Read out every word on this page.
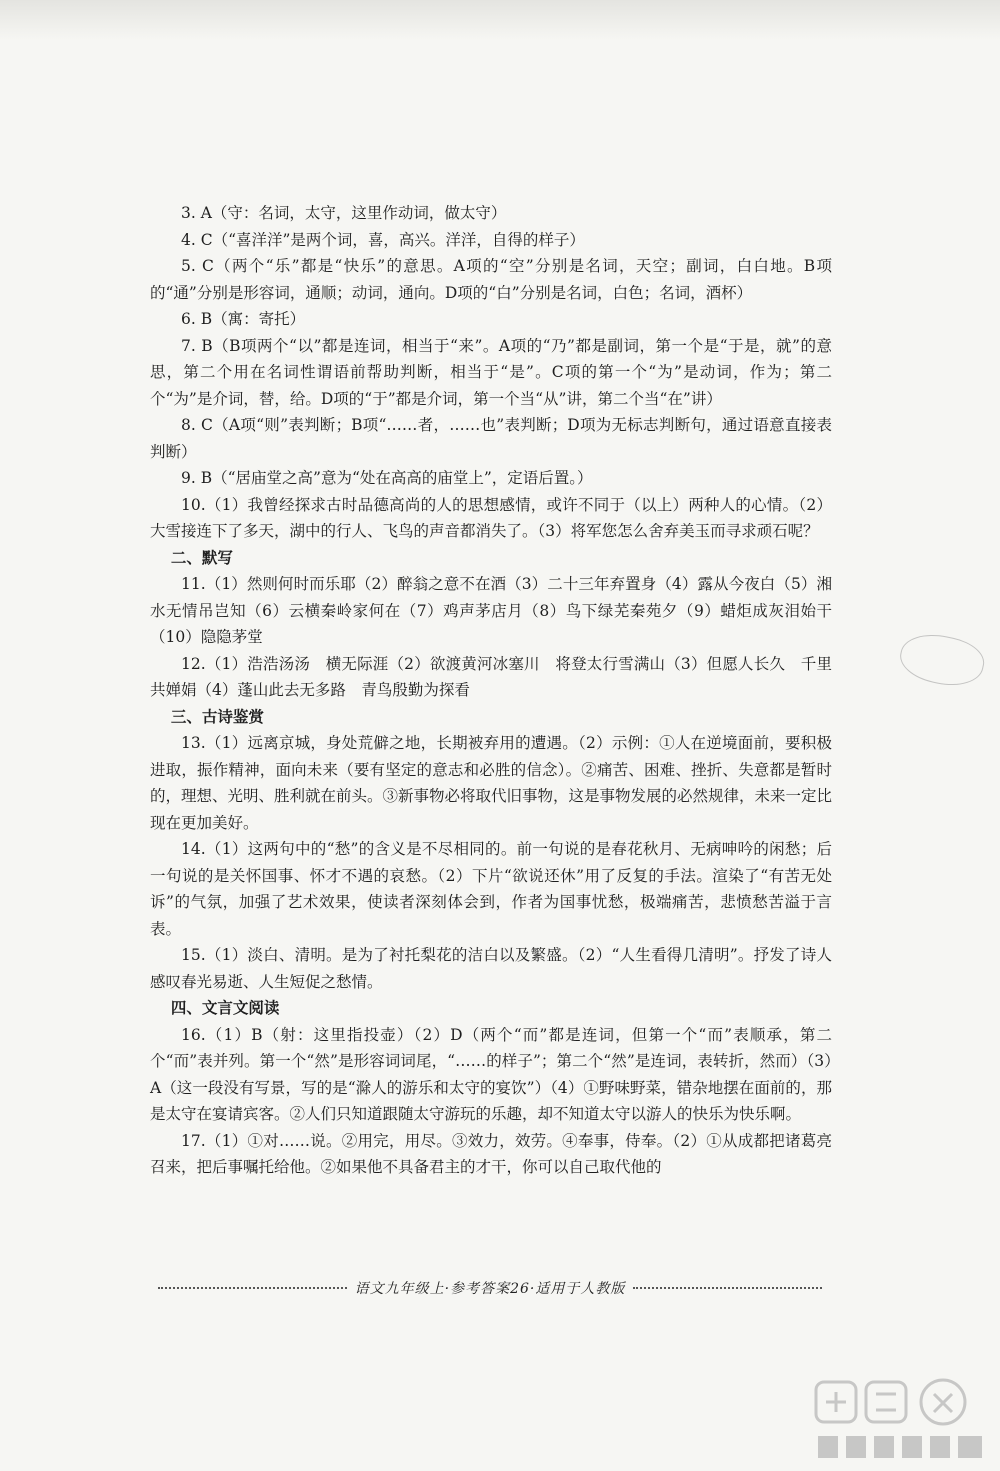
3. A（守：名词，太守，这里作动词，做太守）

4. C（“喜洋洋”是两个词，喜，高兴。洋洋，自得的样子）

5. C（两个“乐”都是“快乐”的意思。A项的“空”分别是名词，天空；副词，白白地。B项的“通”分别是形容词，通顺；动词，通向。D项的“白”分别是名词，白色；名词，酒杯）

6. B（寓：寄托）

7. B（B项两个“以”都是连词，相当于“来”。A项的“乃”都是副词，第一个是“于是，就”的意思，第二个用在名词性谓语前帮助判断，相当于“是”。C项的第一个“为”是动词，作为；第二个“为”是介词，替，给。D项的“于”都是介词，第一个当“从”讲，第二个当“在”讲）

8. C（A项“则”表判断；B项“……者，……也”表判断；D项为无标志判断句，通过语意直接表判断）

9. B（“居庙堂之高”意为“处在高高的庙堂上”，定语后置。）

10.（1）我曾经探求古时品德高尚的人的思想感情，或许不同于（以上）两种人的心情。（2）大雪接连下了多天，湖中的行人、飞鸟的声音都消失了。（3）将军您怎么舍弃美玉而寻求顽石呢？

二、默写

11.（1）然则何时而乐耶（2）醉翁之意不在酒（3）二十三年弃置身（4）露从今夜白（5）湘水无情吊岂知（6）云横秦岭家何在（7）鸡声茅店月（8）鸟下绿芜秦苑夕（9）蜡炬成灰泪始干（10）隐隐茅堂

12.（1）浩浩汤汤　横无际涯（2）欲渡黄河冰塞川　将登太行雪满山（3）但愿人长久　千里共婵娟（4）蓬山此去无多路　青鸟殷勤为探看

三、古诗鉴赏

13.（1）远离京城，身处荒僻之地，长期被弃用的遭遇。（2）示例：①人在逆境面前，要积极进取，振作精神，面向未来（要有坚定的意志和必胜的信念）。②痛苦、困难、挫折、失意都是暂时的，理想、光明、胜利就在前头。③新事物必将取代旧事物，这是事物发展的必然规律，未来一定比现在更加美好。

14.（1）这两句中的“愁”的含义是不尽相同的。前一句说的是春花秋月、无病呻吟的闲愁；后一句说的是关怀国事、怀才不遇的哀愁。（2）下片“欲说还休”用了反复的手法。渲染了“有苦无处诉”的气氛，加强了艺术效果，使读者深刻体会到，作者为国事忧愁，极端痛苦，悲愤愁苦溢于言表。

15.（1）淡白、清明。是为了衬托梨花的洁白以及繁盛。（2）“人生看得几清明”。抒发了诗人感叹春光易逝、人生短促之愁情。

四、文言文阅读

16.（1）B（射：这里指投壶）（2）D（两个“而”都是连词，但第一个“而”表顺承，第二个“而”表并列。第一个“然”是形容词词尾，“……的样子”；第二个“然”是连词，表转折，然而）（3）A（这一段没有写景，写的是“滁人的游乐和太守的宴饮”）（4）①野味野菜，错杂地摆在面前的，那是太守在宴请宾客。②人们只知道跟随太守游玩的乐趣，却不知道太守以游人的快乐为快乐啊。

17.（1）①对……说。②用完，用尽。③效力，效劳。④奉事，侍奉。（2）①从成都把诸葛亮召来，把后事嘱托给他。②如果他不具备君主的才干，你可以自己取代他的

语文九年级上·参考答案26·适用于人教版
